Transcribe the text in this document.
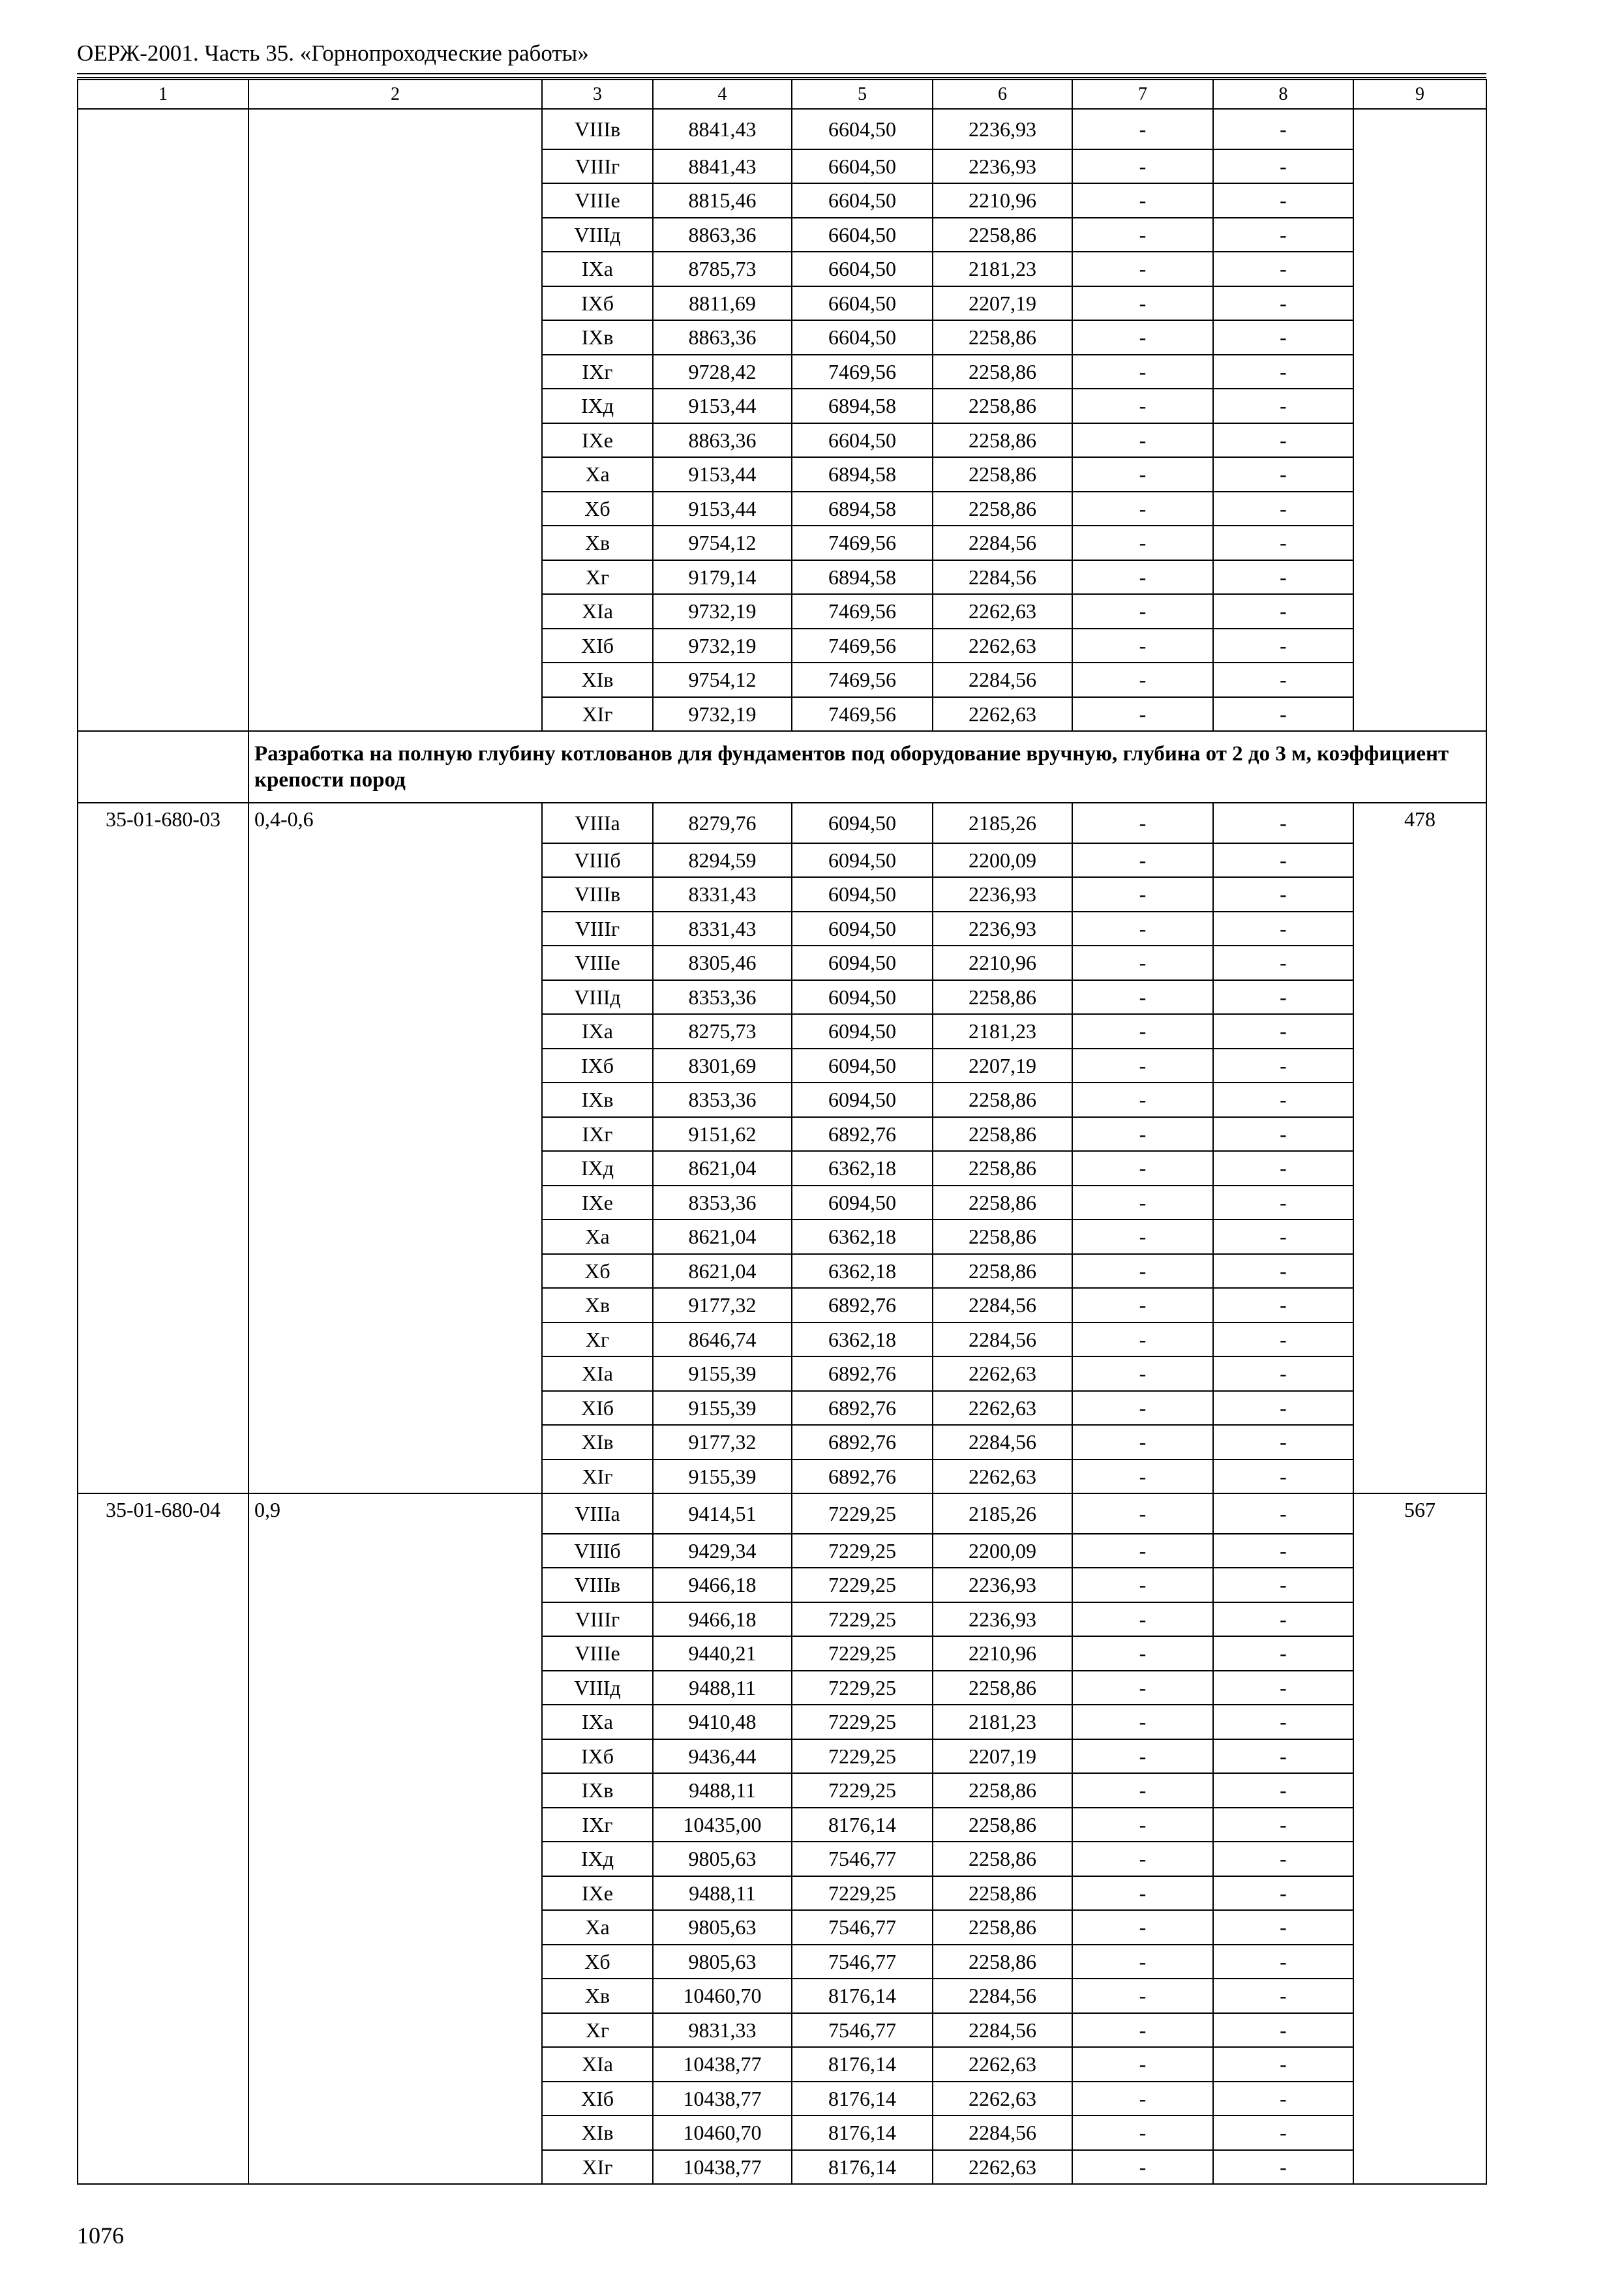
ОЕРЖ-2001. Часть 35. «Горнопроходческие работы»
1	2	3	4	5	6	7	8	9
		VIIIв	8841,43	6604,50	2236,93	-	-	
		VIIIг	8841,43	6604,50	2236,93	-	-	
		VIIIе	8815,46	6604,50	2210,96	-	-	
		VIIIд	8863,36	6604,50	2258,86	-	-	
		IXа	8785,73	6604,50	2181,23	-	-	
		IXб	8811,69	6604,50	2207,19	-	-	
		IXв	8863,36	6604,50	2258,86	-	-	
		IXг	9728,42	7469,56	2258,86	-	-	
		IXд	9153,44	6894,58	2258,86	-	-	
		IXе	8863,36	6604,50	2258,86	-	-	
		Xа	9153,44	6894,58	2258,86	-	-	
		Xб	9153,44	6894,58	2258,86	-	-	
		Xв	9754,12	7469,56	2284,56	-	-	
		Xг	9179,14	6894,58	2284,56	-	-	
		XIа	9732,19	7469,56	2262,63	-	-	
		XIб	9732,19	7469,56	2262,63	-	-	
		XIв	9754,12	7469,56	2284,56	-	-	
		XIг	9732,19	7469,56	2262,63	-	-	
	Разработка на полную глубину котлованов для фундаментов под оборудование вручную, глубина от 2 до 3 м, коэффициент крепости пород							
35-01-680-03	0,4-0,6	VIIIа	8279,76	6094,50	2185,26	-	-	478
		VIIIб	8294,59	6094,50	2200,09	-	-	
		VIIIв	8331,43	6094,50	2236,93	-	-	
		VIIIг	8331,43	6094,50	2236,93	-	-	
		VIIIе	8305,46	6094,50	2210,96	-	-	
		VIIIд	8353,36	6094,50	2258,86	-	-	
		IXа	8275,73	6094,50	2181,23	-	-	
		IXб	8301,69	6094,50	2207,19	-	-	
		IXв	8353,36	6094,50	2258,86	-	-	
		IXг	9151,62	6892,76	2258,86	-	-	
		IXд	8621,04	6362,18	2258,86	-	-	
		IXе	8353,36	6094,50	2258,86	-	-	
		Xа	8621,04	6362,18	2258,86	-	-	
		Xб	8621,04	6362,18	2258,86	-	-	
		Xв	9177,32	6892,76	2284,56	-	-	
		Xг	8646,74	6362,18	2284,56	-	-	
		XIа	9155,39	6892,76	2262,63	-	-	
		XIб	9155,39	6892,76	2262,63	-	-	
		XIв	9177,32	6892,76	2284,56	-	-	
		XIг	9155,39	6892,76	2262,63	-	-	
35-01-680-04	0,9	VIIIа	9414,51	7229,25	2185,26	-	-	567
		VIIIб	9429,34	7229,25	2200,09	-	-	
		VIIIв	9466,18	7229,25	2236,93	-	-	
		VIIIг	9466,18	7229,25	2236,93	-	-	
		VIIIе	9440,21	7229,25	2210,96	-	-	
		VIIIд	9488,11	7229,25	2258,86	-	-	
		IXа	9410,48	7229,25	2181,23	-	-	
		IXб	9436,44	7229,25	2207,19	-	-	
		IXв	9488,11	7229,25	2258,86	-	-	
		IXг	10435,00	8176,14	2258,86	-	-	
		IXд	9805,63	7546,77	2258,86	-	-	
		IXе	9488,11	7229,25	2258,86	-	-	
		Xа	9805,63	7546,77	2258,86	-	-	
		Xб	9805,63	7546,77	2258,86	-	-	
		Xв	10460,70	8176,14	2284,56	-	-	
		Xг	9831,33	7546,77	2284,56	-	-	
		XIа	10438,77	8176,14	2262,63	-	-	
		XIб	10438,77	8176,14	2262,63	-	-	
		XIв	10460,70	8176,14	2284,56	-	-	
		XIг	10438,77	8176,14	2262,63	-	-	
1076
